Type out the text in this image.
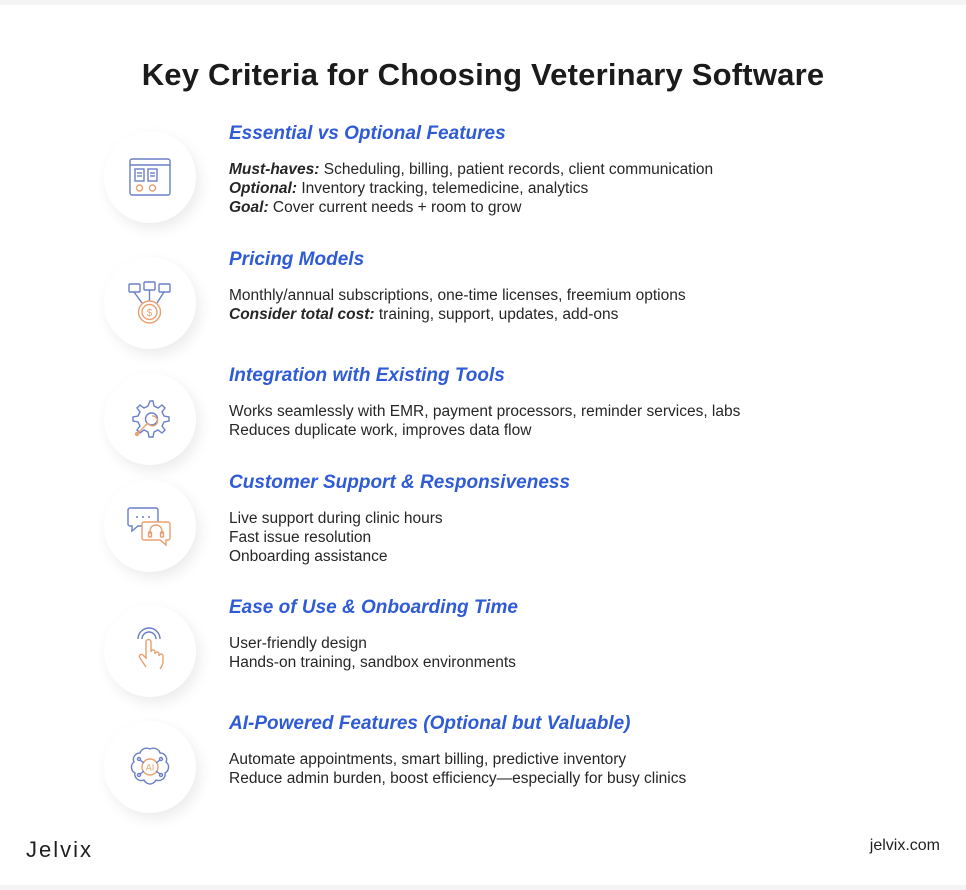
Key Criteria for Choosing Veterinary Software
Essential vs Optional Features
Must-haves: Scheduling, billing, patient records, client communication
Optional: Inventory tracking, telemedicine, analytics
Goal: Cover current needs + room to grow
$
Pricing Models
Monthly/annual subscriptions, one-time licenses, freemium options
Consider total cost: training, support, updates, add-ons
Integration with Existing Tools
Works seamlessly with EMR, payment processors, reminder services, labs
Reduces duplicate work, improves data flow
Customer Support & Responsiveness
Live support during clinic hours
Fast issue resolution
Onboarding assistance
Ease of Use & Onboarding Time
User-friendly design
Hands-on training, sandbox environments
AI
AI-Powered Features (Optional but Valuable)
Automate appointments, smart billing, predictive inventory
Reduce admin burden, boost efficiency—especially for busy clinics
Jelvix	jelvix.com
